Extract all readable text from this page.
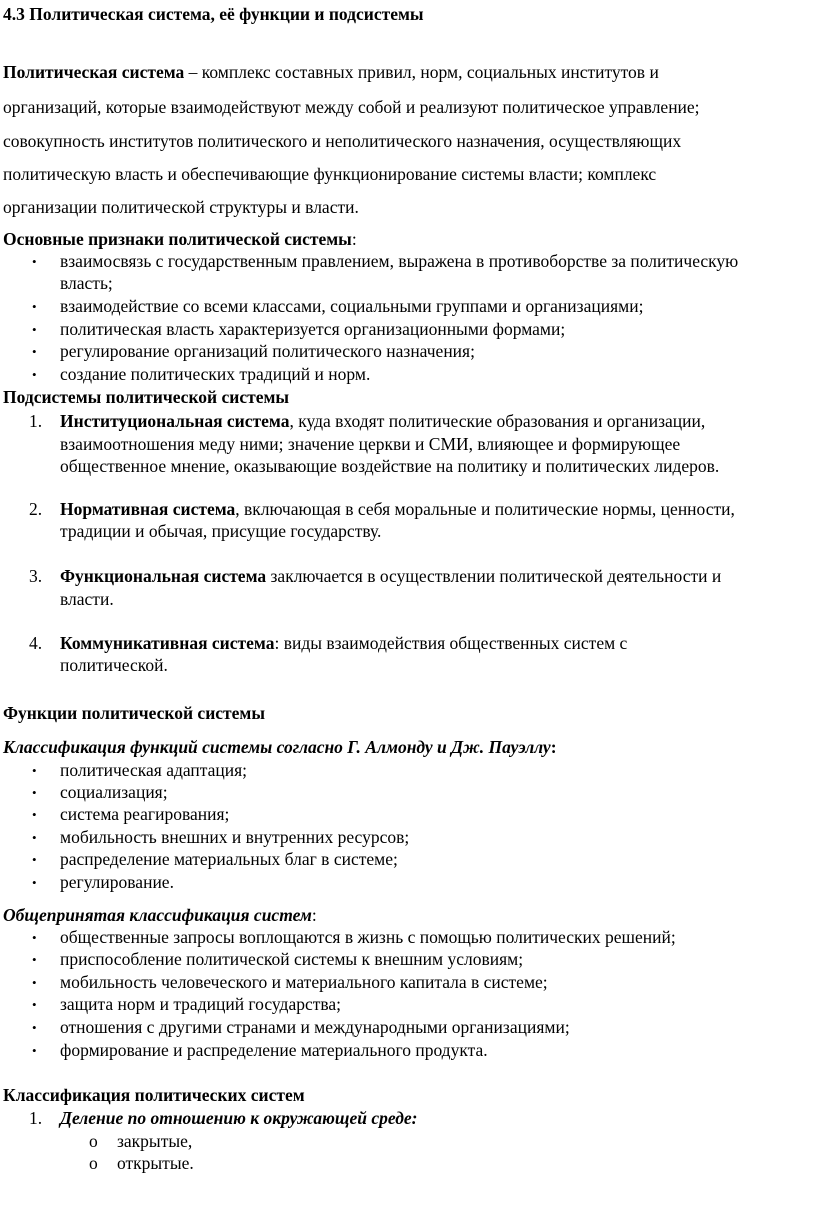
4.3 Политическая система, её функции и подсистемы
Политическая система – комплекс составных привил, норм, социальных институтов и
организаций, которые взаимодействуют между собой и реализуют политическое управление;
совокупность институтов политического и неполитического назначения, осуществляющих
политическую власть и обеспечивающие функционирование системы власти; комплекс
организации политической структуры и власти.
Основные признаки политической системы:
• взаимосвязь с государственным правлением, выражена в противоборстве за политическую
власть;
• взаимодействие со всеми классами, социальными группами и организациями;
• политическая власть характеризуется организационными формами;
• регулирование организаций политического назначения;
• создание политических традиций и норм.
Подсистемы политической системы
1. Институциональная система, куда входят политические образования и организации,
взаимоотношения меду ними; значение церкви и СМИ, влияющее и формирующее
общественное мнение, оказывающие воздействие на политику и политических лидеров.
2. Нормативная система, включающая в себя моральные и политические нормы, ценности,
традиции и обычая, присущие государству.
3. Функциональная система заключается в осуществлении политической деятельности и
власти.
4. Коммуникативная система: виды взаимодействия общественных систем с
политической.
Функции политической системы
Классификация функций системы согласно Г. Алмонду и Дж. Пауэллу:
• политическая адаптация;
• социализация;
• система реагирования;
• мобильность внешних и внутренних ресурсов;
• распределение материальных благ в системе;
• регулирование.
Общепринятая классификация систем:
• общественные запросы воплощаются в жизнь с помощью политических решений;
• приспособление политической системы к внешним условиям;
• мобильность человеческого и материального капитала в системе;
• защита норм и традиций государства;
• отношения с другими странами и международными организациями;
• формирование и распределение материального продукта.
Классификация политических систем
1. Деление по отношению к окружающей среде:
o закрытые,
o открытые.
